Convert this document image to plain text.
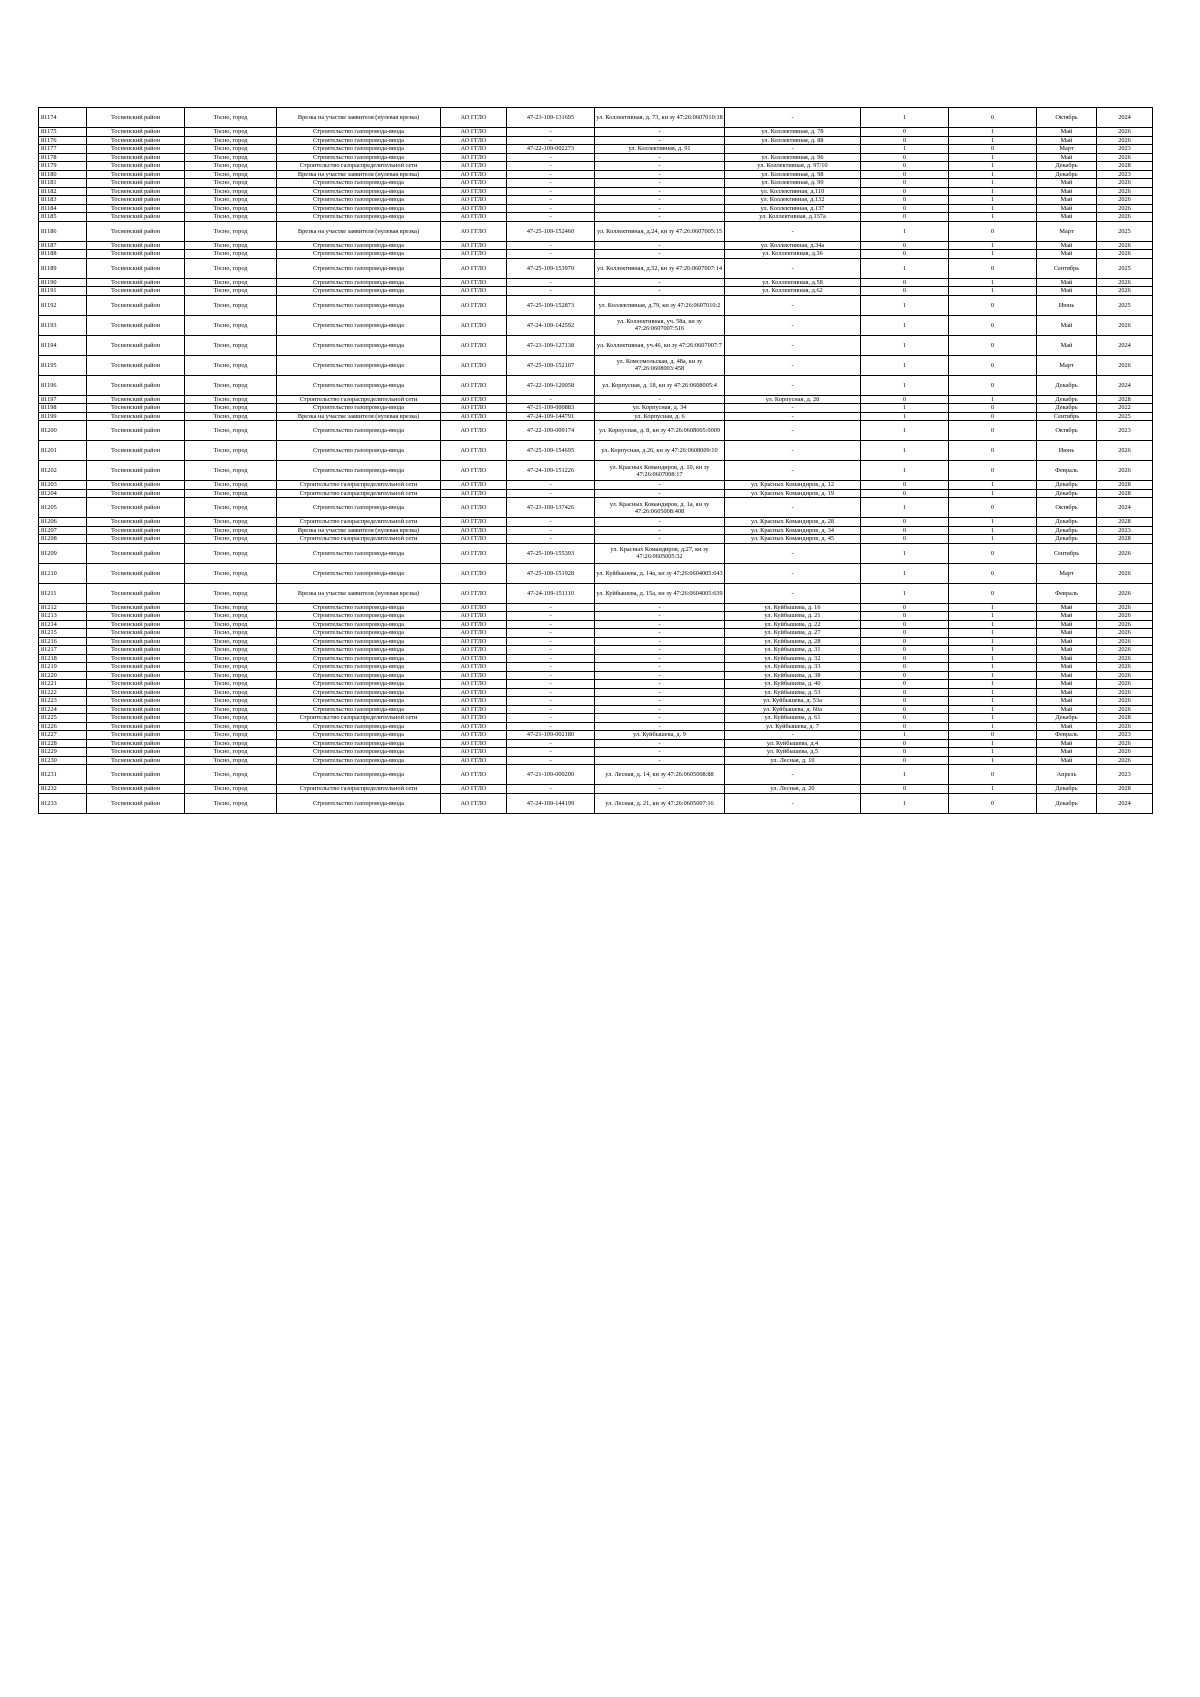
81174	Тосненский район	Тосно, город	Врезка на участке заявителя (нулевая врезка)	АО ГГЛО	47-23-109-131695	ул. Коллективная, д. 73, кн зу 47:26:0607010:18	-	1	0	Октябрь	2024
81175	Тосненский район	Тосно, город	Строительство газопровода-ввода	АО ГГЛО	-	-	ул. Коллективная, д. 78	0	1	Май	2026
81176	Тосненский район	Тосно, город	Строительство газопровода-ввода	АО ГГЛО	-	-	ул. Коллективная, д. 88	0	1	Май	2026
81177	Тосненский район	Тосно, город	Строительство газопровода-ввода	АО ГГЛО	47-22-109-002273	ул. Коллективная, д. 91	-	1	0	Март	2023
81178	Тосненский район	Тосно, город	Строительство газопровода-ввода	АО ГГЛО	-	-	ул. Коллективная, д. 96	0	1	Май	2026
81179	Тосненский район	Тосно, город	Строительство газораспределительной сети	АО ГГЛО	-	-	ул. Коллективная, д. 97/10	0	1	Декабрь	2028
81180	Тосненский район	Тосно, город	Врезка на участке заявителя (нулевая врезка)	АО ГГЛО	-	-	ул. Коллективная, д. 98	0	1	Декабрь	2023
81181	Тосненский район	Тосно, город	Строительство газопровода-ввода	АО ГГЛО	-	-	ул. Коллективная, д. 99	0	1	Май	2026
81182	Тосненский район	Тосно, город	Строительство газопровода-ввода	АО ГГЛО	-	-	ул. Коллективная, д.110	0	1	Май	2026
81183	Тосненский район	Тосно, город	Строительство газопровода-ввода	АО ГГЛО	-	-	ул. Коллективная, д.132	0	1	Май	2026
81184	Тосненский район	Тосно, город	Строительство газопровода-ввода	АО ГГЛО	-	-	ул. Коллективная, д.137	0	1	Май	2026
81185	Тосненский район	Тосно, город	Строительство газопровода-ввода	АО ГГЛО	-	-	ул. Коллективная, д.137а	0	1	Май	2026
81186	Тосненский район	Тосно, город	Врезка на участке заявителя (нулевая врезка)	АО ГГЛО	47-25-109-152460	ул. Коллективная, д.24, кн зу 47:26:0607005:15	-	1	0	Март	2025
81187	Тосненский район	Тосно, город	Строительство газопровода-ввода	АО ГГЛО	-	-	ул. Коллективная, д.34а	0	1	Май	2026
81188	Тосненский район	Тосно, город	Строительство газопровода-ввода	АО ГГЛО	-	-	ул. Коллективная, д.36	0	1	Май	2026
81189	Тосненский район	Тосно, город	Строительство газопровода-ввода	АО ГГЛО	47-25-109-153970	ул. Коллективная, д.52, кн зу 47:26:0607007:14	-	1	0	Сентябрь	2025
81190	Тосненский район	Тосно, город	Строительство газопровода-ввода	АО ГГЛО	-	-	ул. Коллективная, д.58	0	1	Май	2026
81191	Тосненский район	Тосно, город	Строительство газопровода-ввода	АО ГГЛО	-	-	ул. Коллективная, д.62	0	1	Май	2026
81192	Тосненский район	Тосно, город	Строительство газопровода-ввода	АО ГГЛО	47-25-109-152873	ул. Коллективная, д.79, кн зу 47:26:0607010:2	-	1	0	Июнь	2025
81193	Тосненский район	Тосно, город	Строительство газопровода-ввода	АО ГГЛО	47-24-109-142592	ул. Коллективная, уч. 58а, кн зу 47:26:0607007:516	-	1	0	Май	2026
81194	Тосненский район	Тосно, город	Строительство газопровода-ввода	АО ГГЛО	47-23-109-127138	ул. Коллективная, уч.46, кн зу 47:26:0607007:7	-	1	0	Май	2024
81195	Тосненский район	Тосно, город	Строительство газопровода-ввода	АО ГГЛО	47-25-109-152107	ул. Комсомольская, д. 48а, кн зу 47:26:0608003:458	-	1	0	Март	2026
81196	Тосненский район	Тосно, город	Строительство газопровода-ввода	АО ГГЛО	47-22-109-120058	ул. Корпусная, д. 18, кн зу 47:26:0608005:4	-	1	0	Декабрь	2024
81197	Тосненский район	Тосно, город	Строительство газораспределительной сети	АО ГГЛО	-	-	ул. Корпусная, д. 28	0	1	Декабрь	2028
81198	Тосненский район	Тосно, город	Строительство газопровода-ввода	АО ГГЛО	47-21-109-000883	ул. Корпусная, д. 34	-	1	0	Декабрь	2022
81199	Тосненский район	Тосно, город	Врезка на участке заявителя (нулевая врезка)	АО ГГЛО	47-24-109-144791	ул. Корпусная, д. 6	-	1	0	Сентябрь	2025
81200	Тосненский район	Тосно, город	Строительство газопровода-ввода	АО ГГЛО	47-22-109-009174	ул. Корпусная, д. 8, кн зу 47:26:0608005:0009	-	1	0	Октябрь	2023
81201	Тосненский район	Тосно, город	Строительство газопровода-ввода	АО ГГЛО	47-25-109-154695	ул. Корпусная, д.26, кн зу 47:26:0608009:10	-	1	0	Июнь	2026
81202	Тосненский район	Тосно, город	Строительство газопровода-ввода	АО ГГЛО	47-24-109-151226	ул. Красных Командиров, д. 10, кн зу 47:26:0607008:17	-	1	0	Февраль	2026
81203	Тосненский район	Тосно, город	Строительство газораспределительной сети	АО ГГЛО	-	-	ул. Красных Командиров, д. 12	0	1	Декабрь	2028
81204	Тосненский район	Тосно, город	Строительство газораспределительной сети	АО ГГЛО	-	-	ул. Красных Командиров, д. 19	0	1	Декабрь	2028
81205	Тосненский район	Тосно, город	Строительство газопровода-ввода	АО ГГЛО	47-23-109-137426	ул. Красных Командиров, д. 1а, кн зу 47:26:0605008:408	-	1	0	Октябрь	2024
81206	Тосненский район	Тосно, город	Строительство газораспределительной сети	АО ГГЛО	-	-	ул. Красных Командиров, д. 28	0	1	Декабрь	2028
81207	Тосненский район	Тосно, город	Врезка на участке заявителя (нулевая врезка)	АО ГГЛО	-	-	ул. Красных Командиров, д. 34	0	1	Декабрь	2023
81208	Тосненский район	Тосно, город	Строительство газораспределительной сети	АО ГГЛО	-	-	ул. Красных Командиров, д. 45	0	1	Декабрь	2028
81209	Тосненский район	Тосно, город	Строительство газопровода-ввода	АО ГГЛО	47-25-109-155393	ул. Красных Командиров, д.27, кн зу 47:26:0605005:32	-	1	0	Сентябрь	2026
81210	Тосненский район	Тосно, город	Строительство газопровода-ввода	АО ГГЛО	47-25-109-151928	ул. Куйбышева, д. 14а, кн зу 47:26:0604005:643	-	1	0	Март	2026
81211	Тосненский район	Тосно, город	Врезка на участке заявителя (нулевая врезка)	АО ГГЛО	47-24-109-151110	ул. Куйбышева, д. 15а, кн зу 47:26:0604005:639	-	1	0	Февраль	2026
81212	Тосненский район	Тосно, город	Строительство газопровода-ввода	АО ГГЛО	-	-	ул. Куйбышева, д. 16	0	1	Май	2026
81213	Тосненский район	Тосно, город	Строительство газопровода-ввода	АО ГГЛО	-	-	ул. Куйбышева, д. 21	0	1	Май	2026
81214	Тосненский район	Тосно, город	Строительство газопровода-ввода	АО ГГЛО	-	-	ул. Куйбышева, д. 22	0	1	Май	2026
81215	Тосненский район	Тосно, город	Строительство газопровода-ввода	АО ГГЛО	-	-	ул. Куйбышева, д. 27	0	1	Май	2026
81216	Тосненский район	Тосно, город	Строительство газопровода-ввода	АО ГГЛО	-	-	ул. Куйбышева, д. 28	0	1	Май	2026
81217	Тосненский район	Тосно, город	Строительство газопровода-ввода	АО ГГЛО	-	-	ул. Куйбышева, д. 31	0	1	Май	2026
81218	Тосненский район	Тосно, город	Строительство газопровода-ввода	АО ГГЛО	-	-	ул. Куйбышева, д. 32	0	1	Май	2026
81219	Тосненский район	Тосно, город	Строительство газопровода-ввода	АО ГГЛО	-	-	ул. Куйбышева, д. 33	0	1	Май	2026
81220	Тосненский район	Тосно, город	Строительство газопровода-ввода	АО ГГЛО	-	-	ул. Куйбышева, д. 38	0	1	Май	2026
81221	Тосненский район	Тосно, город	Строительство газопровода-ввода	АО ГГЛО	-	-	ул. Куйбышева, д. 40	0	1	Май	2026
81222	Тосненский район	Тосно, город	Строительство газопровода-ввода	АО ГГЛО	-	-	ул. Куйбышева, д. 53	0	1	Май	2026
81223	Тосненский район	Тосно, город	Строительство газопровода-ввода	АО ГГЛО	-	-	ул. Куйбышева, д. 53а	0	1	Май	2026
81224	Тосненский район	Тосно, город	Строительство газопровода-ввода	АО ГГЛО	-	-	ул. Куйбышева, д. 60а	0	1	Май	2026
81225	Тосненский район	Тосно, город	Строительство газораспределительной сети	АО ГГЛО	-	-	ул. Куйбышева, д. 61	0	1	Декабрь	2028
81226	Тосненский район	Тосно, город	Строительство газопровода-ввода	АО ГГЛО	-	-	ул. Куйбышева, д. 7	0	1	Май	2026
81227	Тосненский район	Тосно, город	Строительство газопровода-ввода	АО ГГЛО	47-21-109-002180	ул. Куйбышева, д. 9	-	1	0	Февраль	2023
81228	Тосненский район	Тосно, город	Строительство газопровода-ввода	АО ГГЛО	-	-	ул. Куйбышева, д.4	0	1	Май	2026
81229	Тосненский район	Тосно, город	Строительство газопровода-ввода	АО ГГЛО	-	-	ул. Куйбышева, д.5	0	1	Май	2026
81230	Тосненский район	Тосно, город	Строительство газопровода-ввода	АО ГГЛО	-	-	ул. Лесная, д. 10	0	1	Май	2026
81231	Тосненский район	Тосно, город	Строительство газопровода-ввода	АО ГГЛО	47-21-109-000200	ул. Лесная, д. 14, кн зу 47:26:0605008:88	-	1	0	Апрель	2023
81232	Тосненский район	Тосно, город	Строительство газораспределительной сети	АО ГГЛО	-	-	ул. Лесная, д. 20	0	1	Декабрь	2028
81233	Тосненский район	Тосно, город	Строительство газопровода-ввода	АО ГГЛО	47-24-109-144199	ул. Лесная, д. 21, кн зу 47:26:0605007:16	-	1	0	Декабрь	2024
